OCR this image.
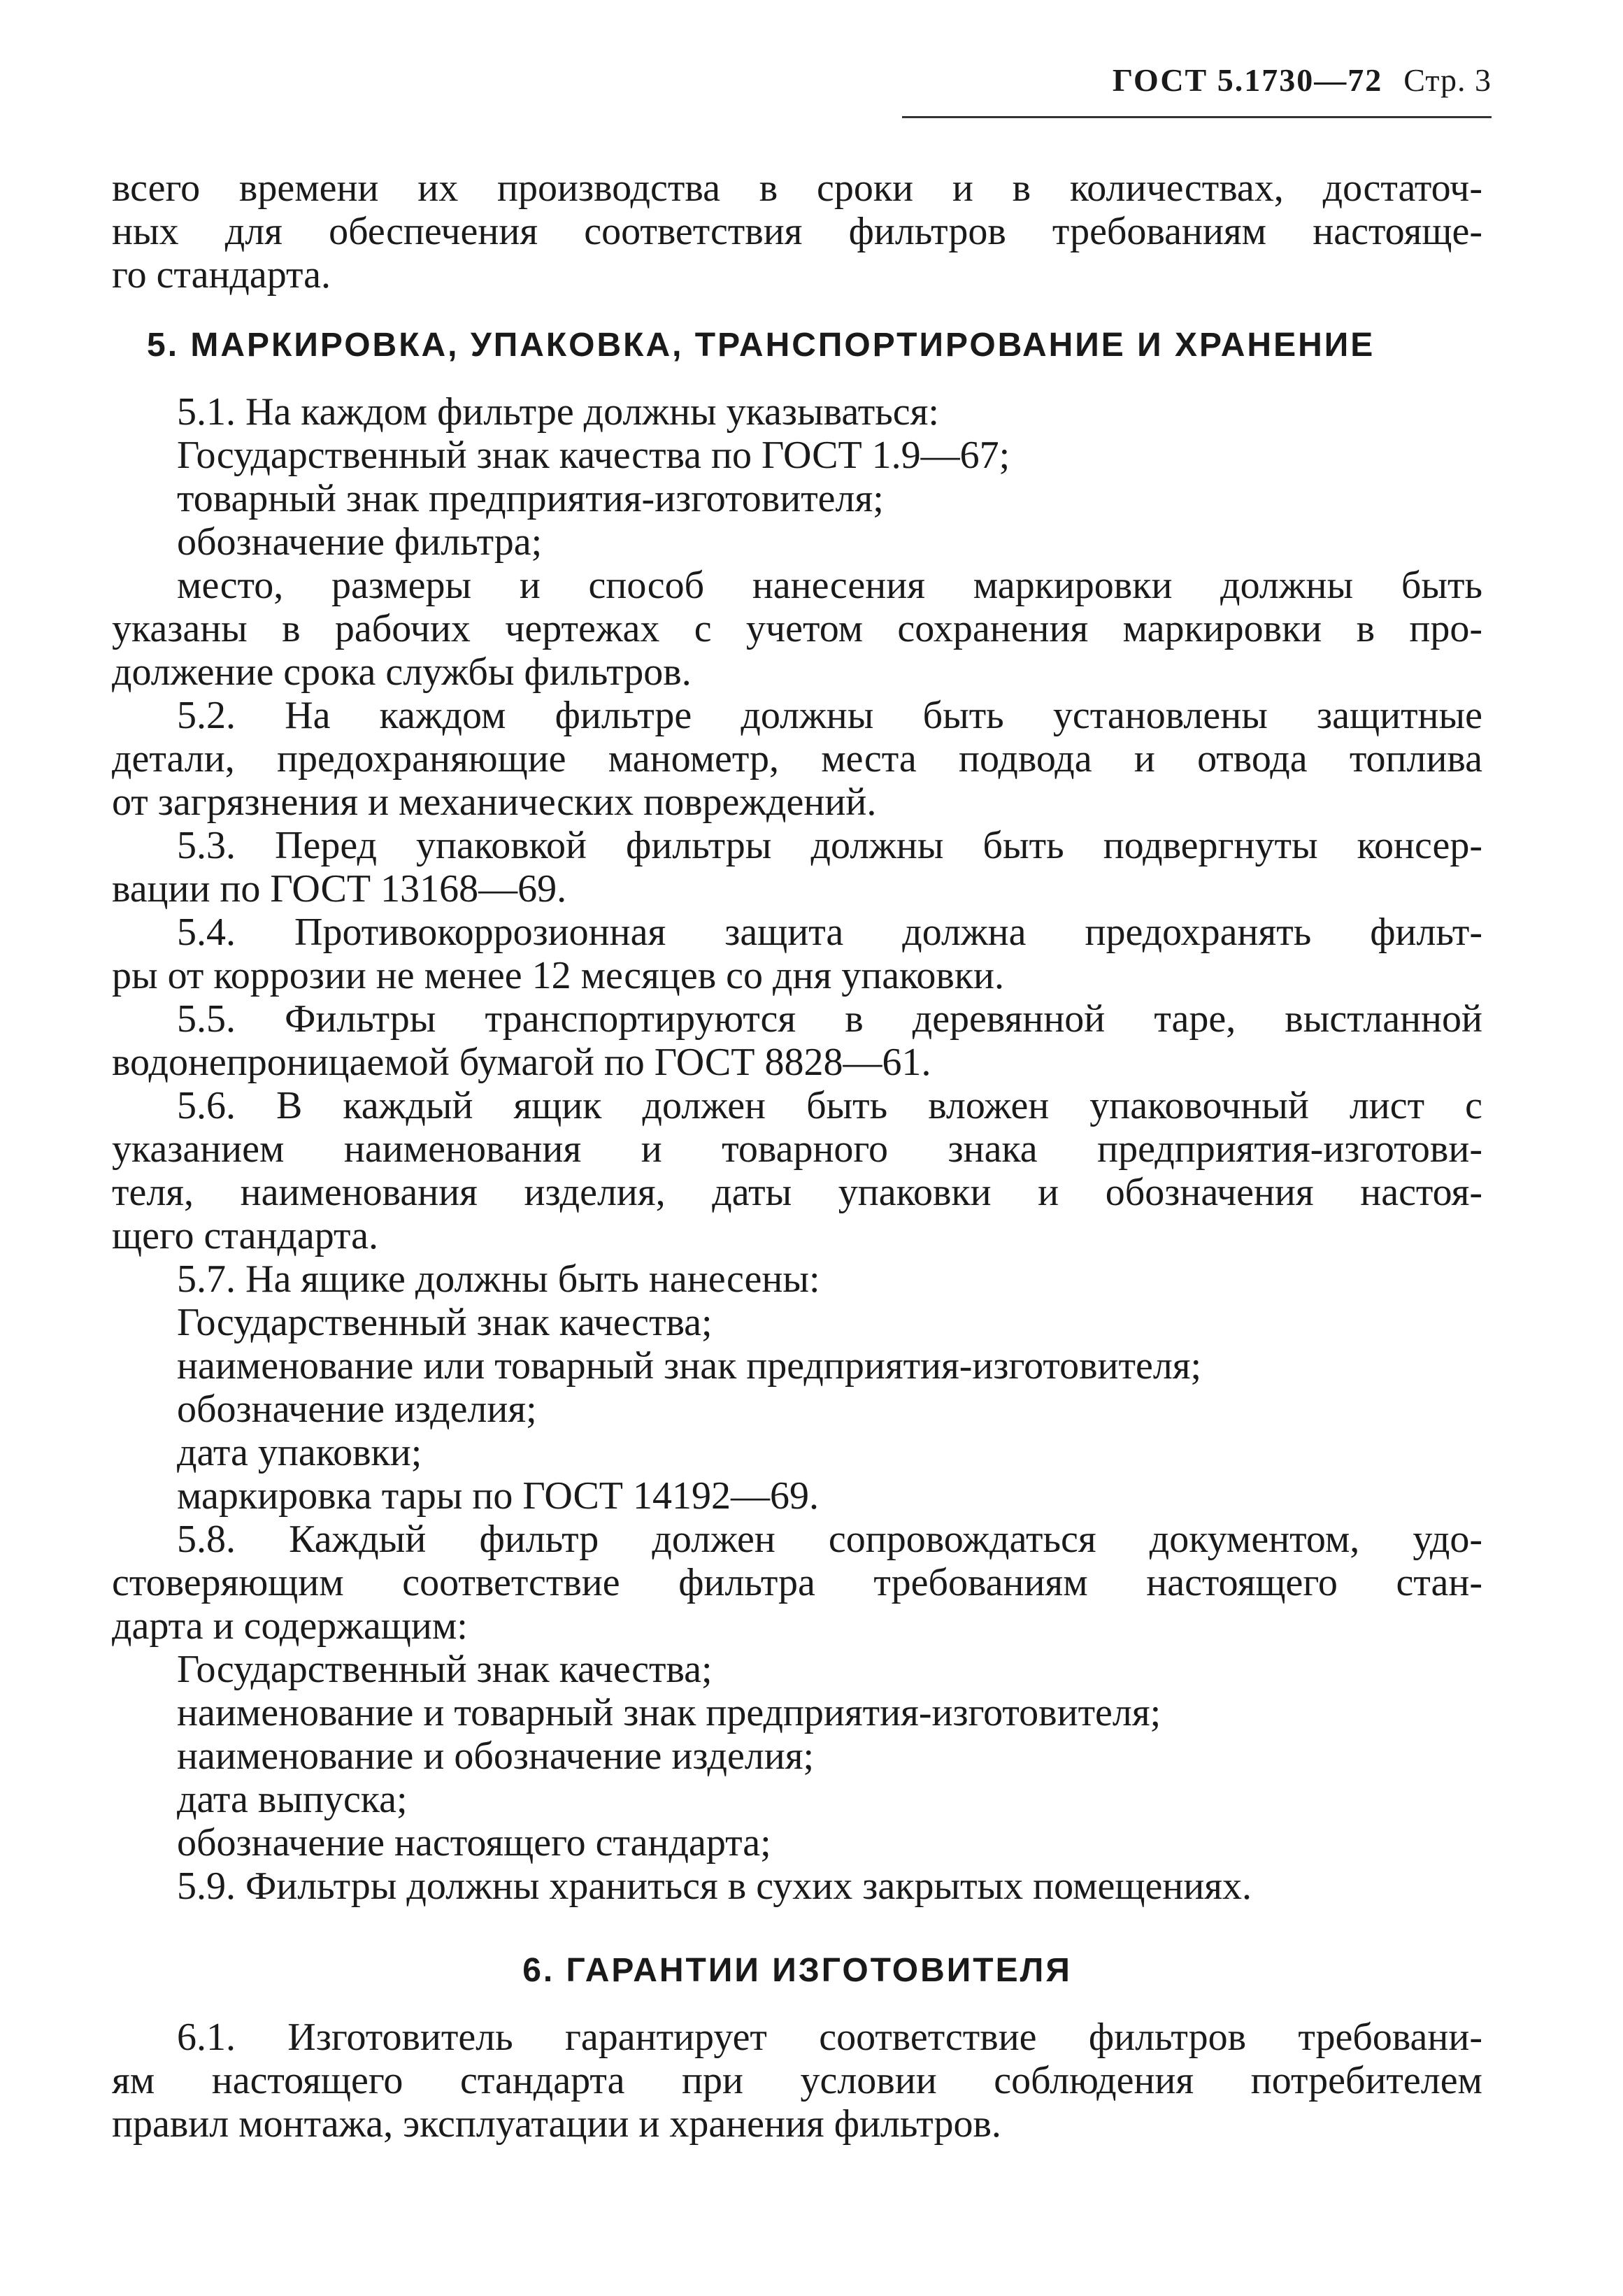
ГОСТ 5.1730—72 Стр. 3
всего времени их производства в сроки и в количествах, достаточ-
ных для обеспечения соответствия фильтров требованиям настояще-
го стандарта.
5. МАРКИРОВКА, УПАКОВКА, ТРАНСПОРТИРОВАНИЕ И ХРАНЕНИЕ
5.1. На каждом фильтре должны указываться:
Государственный знак качества по ГОСТ 1.9—67;
товарный знак предприятия-изготовителя;
обозначение фильтра;
место, размеры и способ нанесения маркировки должны быть
указаны в рабочих чертежах с учетом сохранения маркировки в про-
должение срока службы фильтров.
5.2. На каждом фильтре должны быть установлены защитные
детали, предохраняющие манометр, места подвода и отвода топлива
от загрязнения и механических повреждений.
5.3. Перед упаковкой фильтры должны быть подвергнуты консер-
вации по ГОСТ 13168—69.
5.4. Противокоррозионная защита должна предохранять фильт-
ры от коррозии не менее 12 месяцев со дня упаковки.
5.5. Фильтры транспортируются в деревянной таре, выстланной
водонепроницаемой бумагой по ГОСТ 8828—61.
5.6. В каждый ящик должен быть вложен упаковочный лист с
указанием наименования и товарного знака предприятия-изготови-
теля, наименования изделия, даты упаковки и обозначения настоя-
щего стандарта.
5.7. На ящике должны быть нанесены:
Государственный знак качества;
наименование или товарный знак предприятия-изготовителя;
обозначение изделия;
дата упаковки;
маркировка тары по ГОСТ 14192—69.
5.8. Каждый фильтр должен сопровождаться документом, удо-
стоверяющим соответствие фильтра требованиям настоящего стан-
дарта и содержащим:
Государственный знак качества;
наименование и товарный знак предприятия-изготовителя;
наименование и обозначение изделия;
дата выпуска;
обозначение настоящего стандарта;
5.9. Фильтры должны храниться в сухих закрытых помещениях.
6. ГАРАНТИИ ИЗГОТОВИТЕЛЯ
6.1. Изготовитель гарантирует соответствие фильтров требовани-
ям настоящего стандарта при условии соблюдения потребителем
правил монтажа, эксплуатации и хранения фильтров.
